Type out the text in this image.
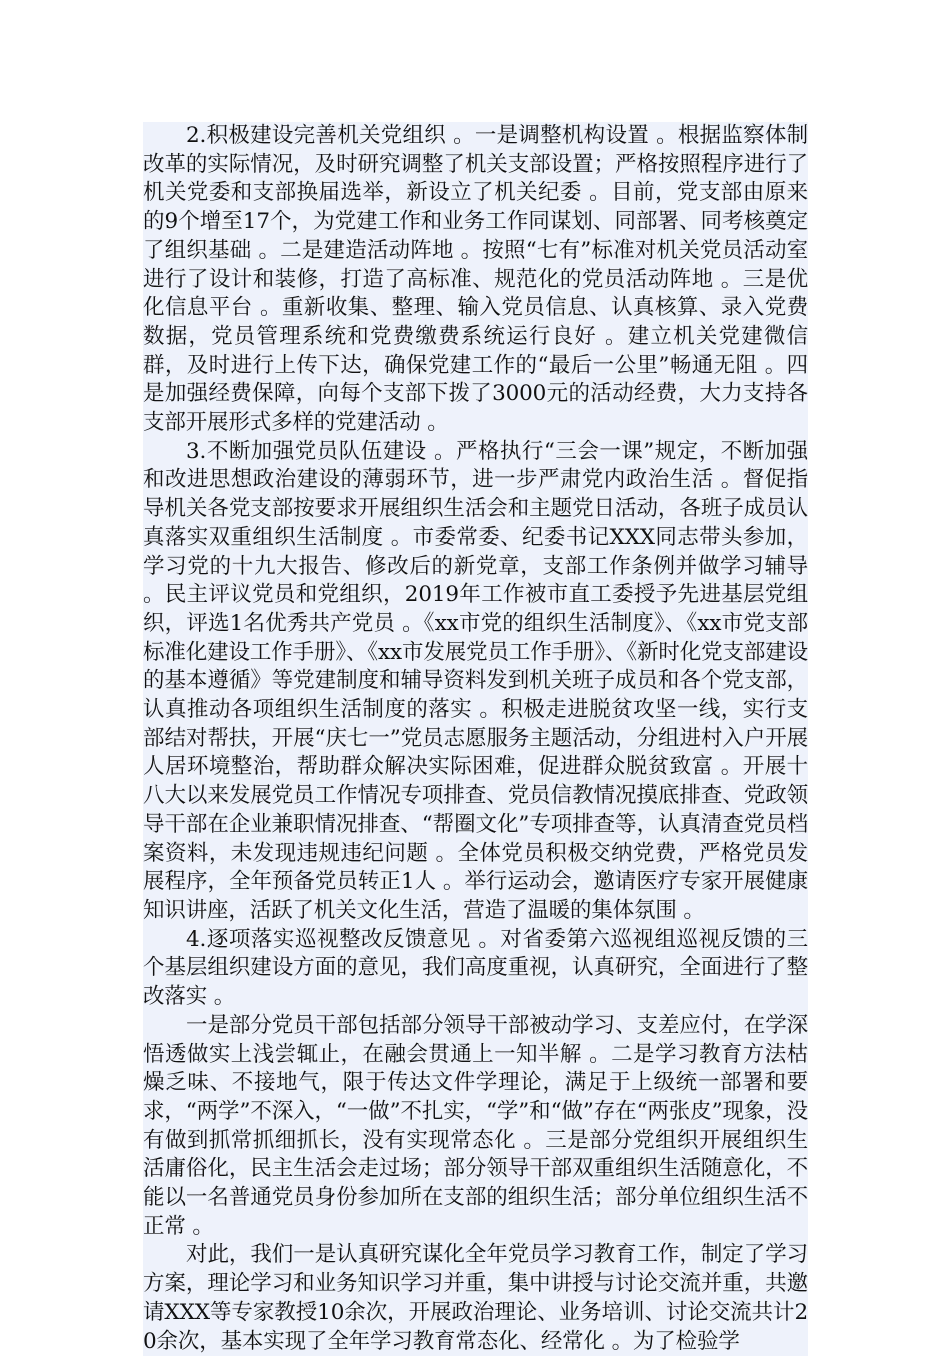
2.积极建设完善机关党组织 。一是调整机构设置 。根据监察体制改革的实际情况，及时研究调整了机关支部设置；严格按照程序进行了机关党委和支部换届选举，新设立了机关纪委 。目前，党支部由原来的9个增至17个，为党建工作和业务工作同谋划、同部署、同考核奠定了组织基础 。二是建造活动阵地 。按照“七有”标准对机关党员活动室进行了设计和装修，打造了高标准、规范化的党员活动阵地 。三是优化信息平台 。重新收集、整理、输入党员信息、认真核算、录入党费数据，党员管理系统和党费缴费系统运行良好 。建立机关党建微信群，及时进行上传下达，确保党建工作的“最后一公里”畅通无阻 。四是加强经费保障，向每个支部下拨了3000元的活动经费，大力支持各支部开展形式多样的党建活动 。

3.不断加强党员队伍建设 。严格执行“三会一课”规定，不断加强和改进思想政治建设的薄弱环节，进一步严肃党内政治生活 。督促指导机关各党支部按要求开展组织生活会和主题党日活动，各班子成员认真落实双重组织生活制度 。市委常委、纪委书记XXX同志带头参加，学习党的十九大报告、修改后的新党章，支部工作条例并做学习辅导 。民主评议党员和党组织，2019年工作被市直工委授予先进基层党组织，评选1名优秀共产党员 。《xx市党的组织生活制度》、《xx市党支部标准化建设工作手册》、《xx市发展党员工作手册》、《新时化党支部建设的基本遵循》等党建制度和辅导资料发到机关班子成员和各个党支部，认真推动各项组织生活制度的落实 。积极走进脱贫攻坚一线，实行支部结对帮扶，开展“庆七一”党员志愿服务主题活动，分组进村入户开展人居环境整治，帮助群众解决实际困难，促进群众脱贫致富 。开展十八大以来发展党员工作情况专项排查、党员信教情况摸底排查、党政领导干部在企业兼职情况排查、“帮圈文化”专项排查等，认真清查党员档案资料，未发现违规违纪问题 。全体党员积极交纳党费，严格党员发展程序，全年预备党员转正1人 。举行运动会，邀请医疗专家开展健康知识讲座，活跃了机关文化生活，营造了温暖的集体氛围 。

4.逐项落实巡视整改反馈意见 。对省委第六巡视组巡视反馈的三个基层组织建设方面的意见，我们高度重视，认真研究，全面进行了整改落实 。

一是部分党员干部包括部分领导干部被动学习、支差应付，在学深悟透做实上浅尝辄止，在融会贯通上一知半解 。二是学习教育方法枯燥乏味、不接地气，限于传达文件学理论，满足于上级统一部署和要求，“两学”不深入，“一做”不扎实，“学”和“做”存在“两张皮”现象，没有做到抓常抓细抓长，没有实现常态化 。三是部分党组织开展组织生活庸俗化，民主生活会走过场；部分领导干部双重组织生活随意化，不能以一名普通党员身份参加所在支部的组织生活；部分单位组织生活不正常 。

对此，我们一是认真研究谋化全年党员学习教育工作，制定了学习方案，理论学习和业务知识学习并重，集中讲授与讨论交流并重，共邀请XXX等专家教授10余次，开展政治理论、业务培训、讨论交流共计20余次，基本实现了全年学习教育常态化、经常化 。为了检验学
